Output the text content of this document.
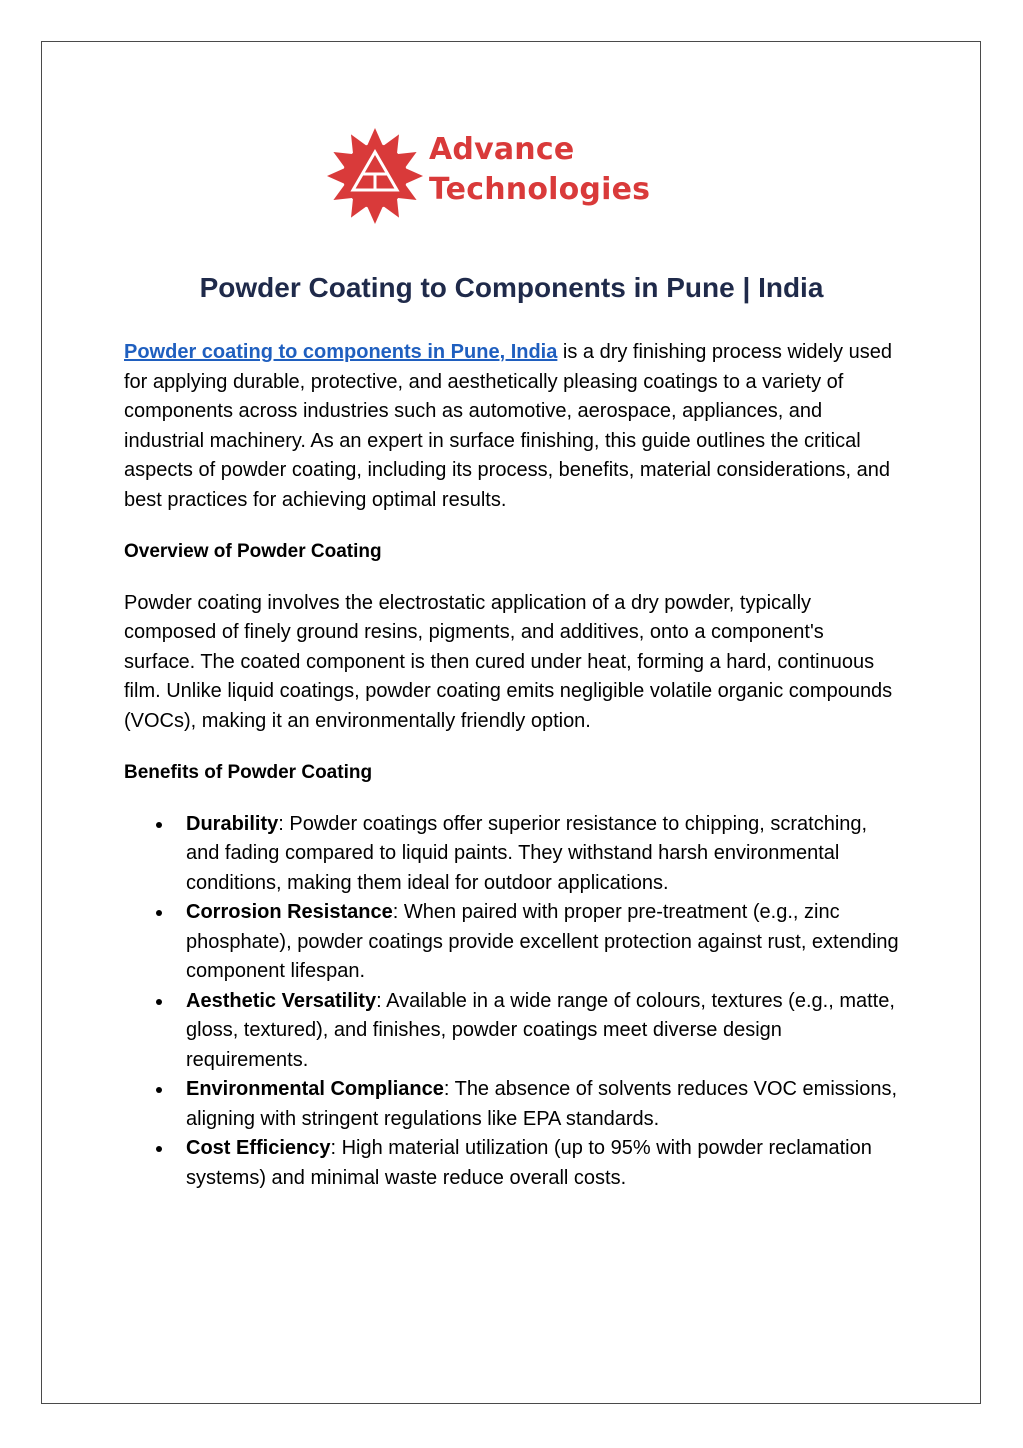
Advance
Technologies
Powder Coating to Components in Pune | India

Powder coating to components in Pune, India is a dry finishing process widely used for applying durable, protective, and aesthetically pleasing coatings to a variety of components across industries such as automotive, aerospace, appliances, and industrial machinery. As an expert in surface finishing, this guide outlines the critical aspects of powder coating, including its process, benefits, material considerations, and best practices for achieving optimal results.

Overview of Powder Coating

Powder coating involves the electrostatic application of a dry powder, typically composed of finely ground resins, pigments, and additives, onto a component's surface. The coated component is then cured under heat, forming a hard, continuous film. Unlike liquid coatings, powder coating emits negligible volatile organic compounds (VOCs), making it an environmentally friendly option.

Benefits of Powder Coating

Durability: Powder coatings offer superior resistance to chipping, scratching, and fading compared to liquid paints. They withstand harsh environmental conditions, making them ideal for outdoor applications.
Corrosion Resistance: When paired with proper pre-treatment (e.g., zinc phosphate), powder coatings provide excellent protection against rust, extending component lifespan.
Aesthetic Versatility: Available in a wide range of colours, textures (e.g., matte, gloss, textured), and finishes, powder coatings meet diverse design requirements.
Environmental Compliance: The absence of solvents reduces VOC emissions, aligning with stringent regulations like EPA standards.
Cost Efficiency: High material utilization (up to 95% with powder reclamation systems) and minimal waste reduce overall costs.
